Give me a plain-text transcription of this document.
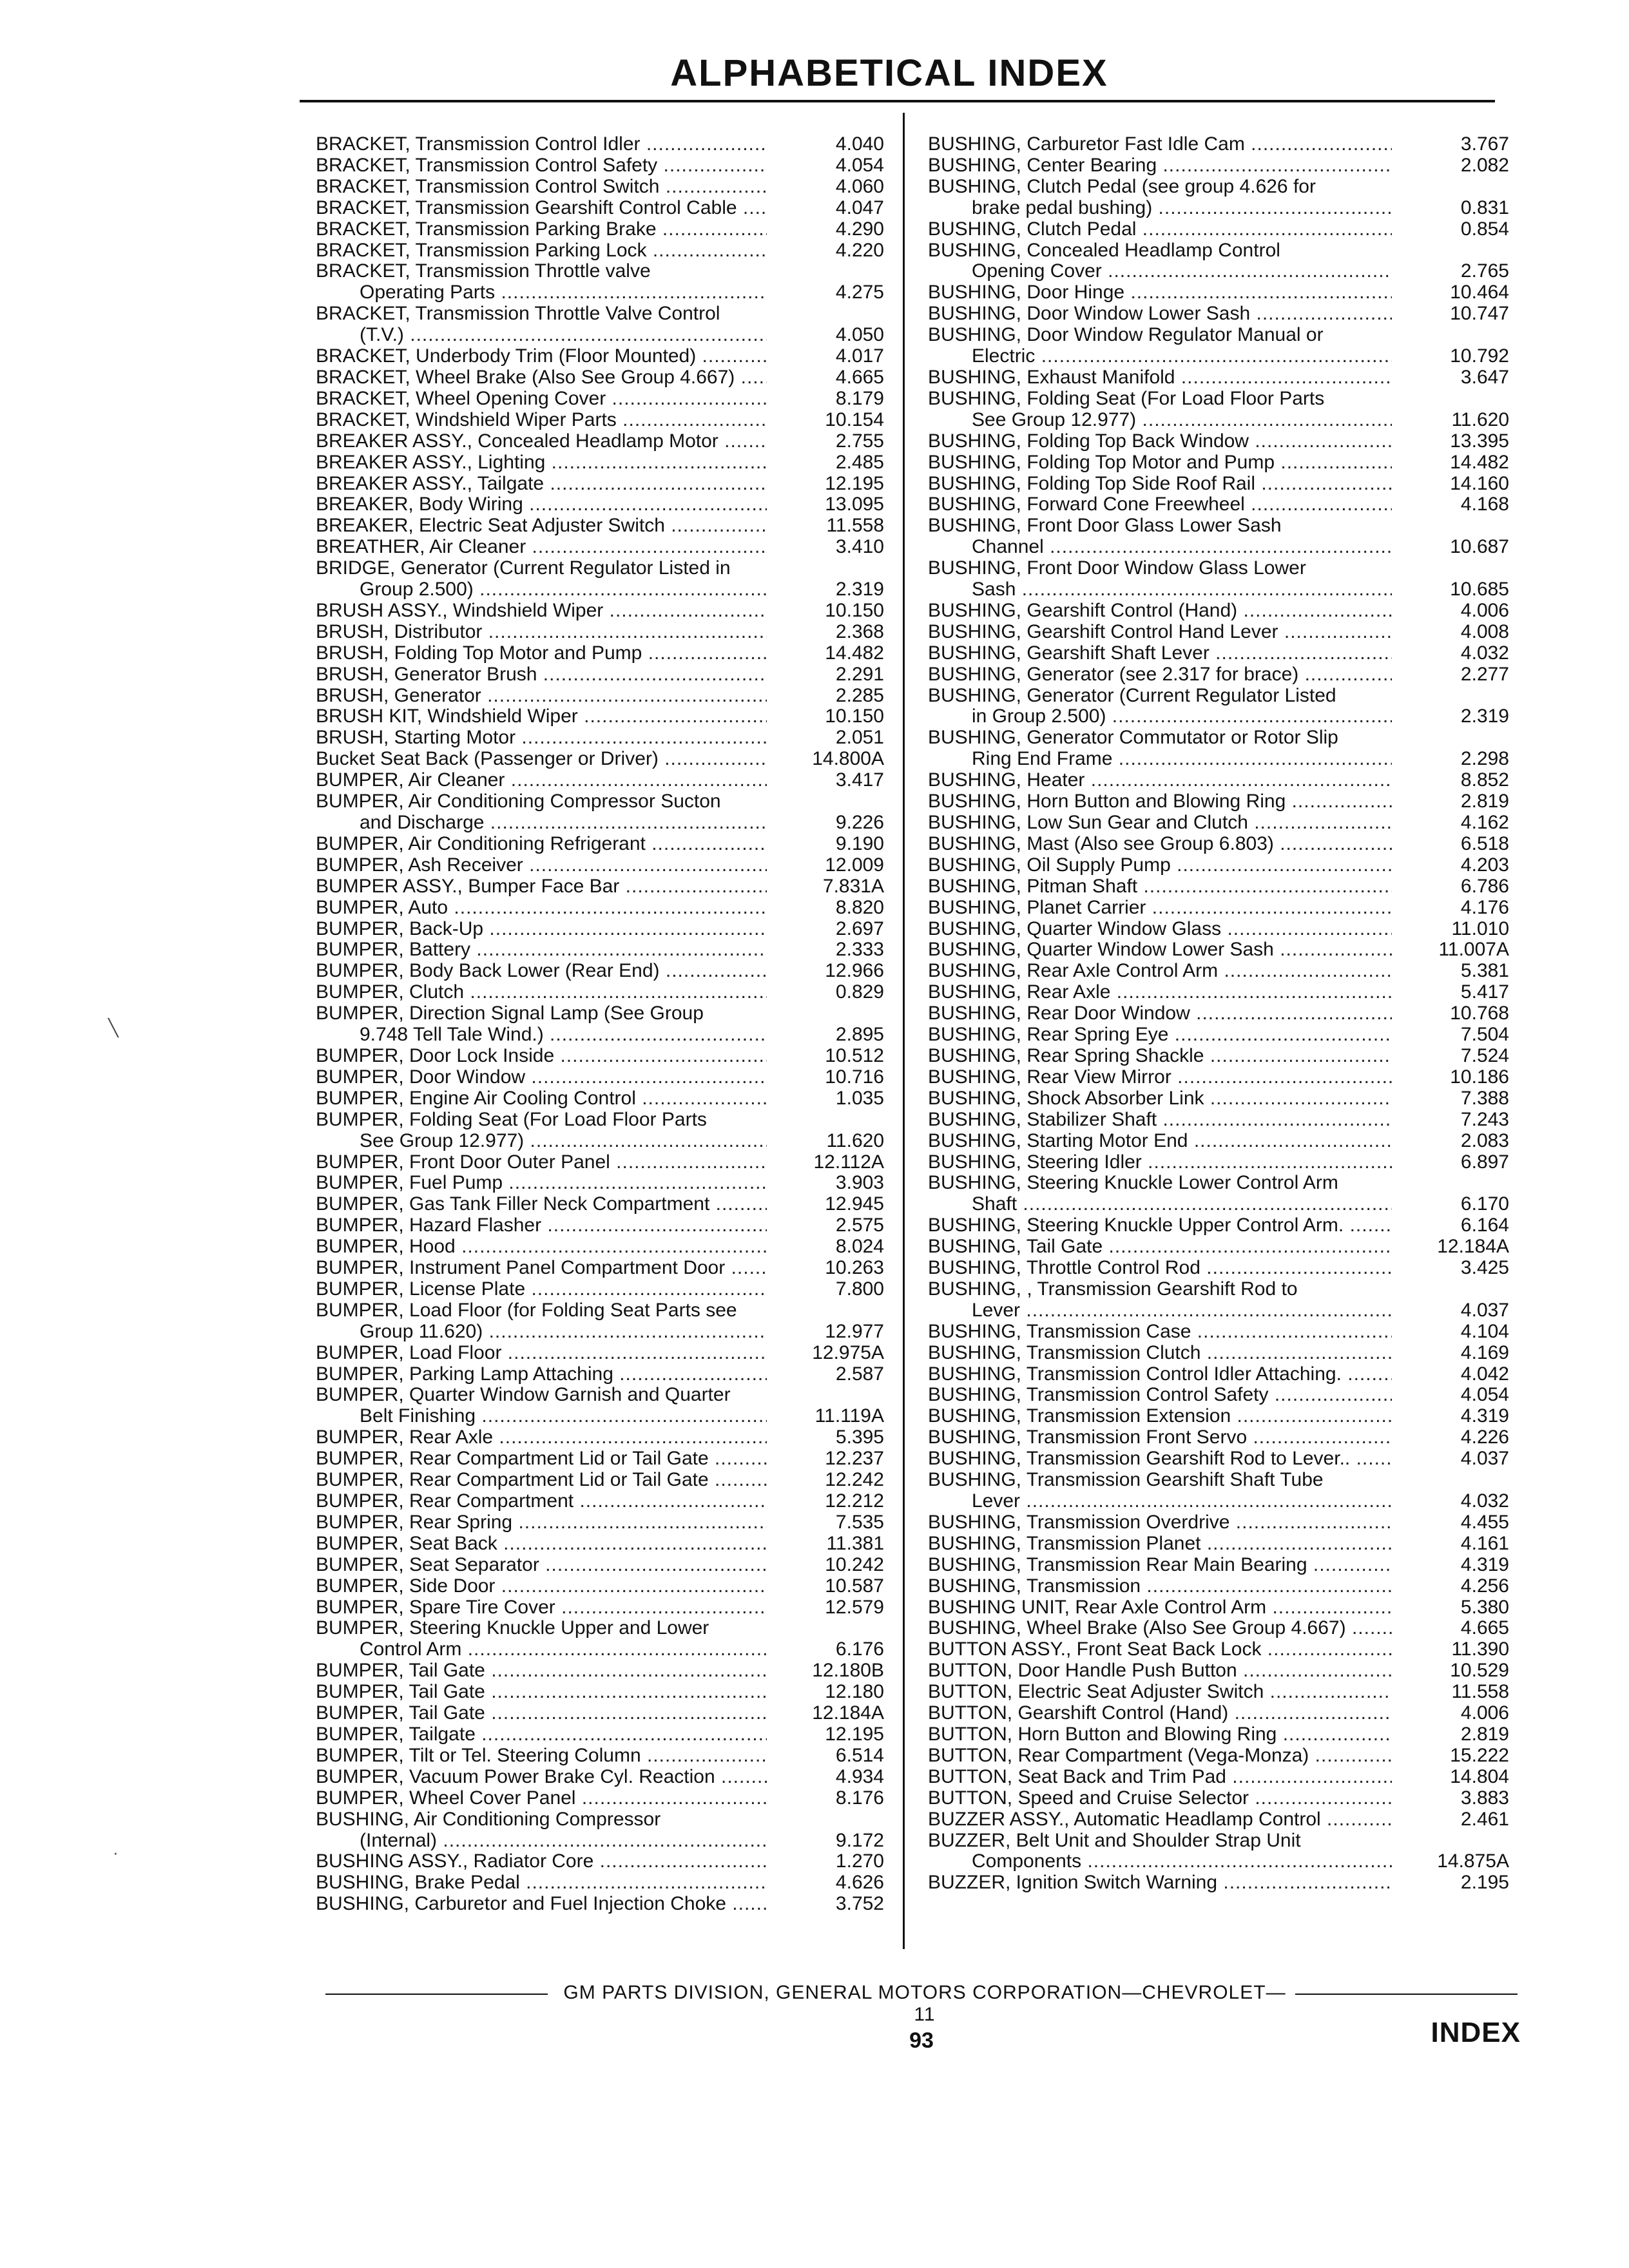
ALPHABETICAL INDEX
BRACKET, Transmission Control Idler .....	4.040
BRACKET, Transmission Control Safety .....	4.054
BRACKET, Transmission Control Switch .....	4.060
BRACKET, Transmission Gearshift Control Cable .....	4.047
BRACKET, Transmission Parking Brake .....	4.290
BRACKET, Transmission Parking Lock .....	4.220
BRACKET, Transmission Throttle valve
Operating Parts .....	4.275
BRACKET, Transmission Throttle Valve Control
(T.V.) .....	4.050
BRACKET, Underbody Trim (Floor Mounted) .....	4.017
BRACKET, Wheel Brake (Also See Group 4.667) .....	4.665
BRACKET, Wheel Opening Cover .....	8.179
BRACKET, Windshield Wiper Parts .....	10.154
BREAKER ASSY., Concealed Headlamp Motor .....	2.755
BREAKER ASSY., Lighting .....	2.485
BREAKER ASSY., Tailgate .....	12.195
BREAKER, Body Wiring .....	13.095
BREAKER, Electric Seat Adjuster Switch .....	11.558
BREATHER, Air Cleaner .....	3.410
BRIDGE, Generator (Current Regulator Listed in
Group 2.500) .....	2.319
BRUSH ASSY., Windshield Wiper .....	10.150
BRUSH, Distributor .....	2.368
BRUSH, Folding Top Motor and Pump .....	14.482
BRUSH, Generator Brush .....	2.291
BRUSH, Generator .....	2.285
BRUSH KIT, Windshield Wiper .....	10.150
BRUSH, Starting Motor .....	2.051
Bucket Seat Back (Passenger or Driver) .....	14.800A
BUMPER, Air Cleaner .....	3.417
BUMPER, Air Conditioning Compressor Sucton
and Discharge .....	9.226
BUMPER, Air Conditioning Refrigerant .....	9.190
BUMPER, Ash Receiver .....	12.009
BUMPER ASSY., Bumper Face Bar .....	7.831A
BUMPER, Auto .....	8.820
BUMPER, Back-Up .....	2.697
BUMPER, Battery .....	2.333
BUMPER, Body Back Lower (Rear End) .....	12.966
BUMPER, Clutch .....	0.829
BUMPER, Direction Signal Lamp (See Group
9.748 Tell Tale Wind.) .....	2.895
BUMPER, Door Lock Inside .....	10.512
BUMPER, Door Window .....	10.716
BUMPER, Engine Air Cooling Control .....	1.035
BUMPER, Folding Seat (For Load Floor Parts
See Group 12.977) .....	11.620
BUMPER, Front Door Outer Panel .....	12.112A
BUMPER, Fuel Pump .....	3.903
BUMPER, Gas Tank Filler Neck Compartment .....	12.945
BUMPER, Hazard Flasher .....	2.575
BUMPER, Hood .....	8.024
BUMPER, Instrument Panel Compartment Door .....	10.263
BUMPER, License Plate .....	7.800
BUMPER, Load Floor (for Folding Seat Parts see
Group 11.620) .....	12.977
BUMPER, Load Floor .....	12.975A
BUMPER, Parking Lamp Attaching .....	2.587
BUMPER, Quarter Window Garnish and Quarter
Belt Finishing .....	11.119A
BUMPER, Rear Axle .....	5.395
BUMPER, Rear Compartment Lid or Tail Gate .....	12.237
BUMPER, Rear Compartment Lid or Tail Gate .....	12.242
BUMPER, Rear Compartment .....	12.212
BUMPER, Rear Spring .....	7.535
BUMPER, Seat Back .....	11.381
BUMPER, Seat Separator .....	10.242
BUMPER, Side Door .....	10.587
BUMPER, Spare Tire Cover .....	12.579
BUMPER, Steering Knuckle Upper and Lower
Control Arm .....	6.176
BUMPER, Tail Gate .....	12.180B
BUMPER, Tail Gate .....	12.180
BUMPER, Tail Gate .....	12.184A
BUMPER, Tailgate .....	12.195
BUMPER, Tilt or Tel. Steering Column .....	6.514
BUMPER, Vacuum Power Brake Cyl. Reaction .....	4.934
BUMPER, Wheel Cover Panel .....	8.176
BUSHING, Air Conditioning Compressor
(Internal) .....	9.172
BUSHING ASSY., Radiator Core .....	1.270
BUSHING, Brake Pedal .....	4.626
BUSHING, Carburetor and Fuel Injection Choke .....	3.752
BUSHING, Carburetor Fast Idle Cam .....	3.767
BUSHING, Center Bearing .....	2.082
BUSHING, Clutch Pedal (see group 4.626 for
brake pedal bushing) .....	0.831
BUSHING, Clutch Pedal .....	0.854
BUSHING, Concealed Headlamp Control
Opening Cover .....	2.765
BUSHING, Door Hinge .....	10.464
BUSHING, Door Window Lower Sash .....	10.747
BUSHING, Door Window Regulator Manual or
Electric .....	10.792
BUSHING, Exhaust Manifold .....	3.647
BUSHING, Folding Seat (For Load Floor Parts
See Group 12.977) .....	11.620
BUSHING, Folding Top Back Window .....	13.395
BUSHING, Folding Top Motor and Pump .....	14.482
BUSHING, Folding Top Side Roof Rail .....	14.160
BUSHING, Forward Cone Freewheel .....	4.168
BUSHING, Front Door Glass Lower Sash
Channel .....	10.687
BUSHING, Front Door Window Glass Lower
Sash .....	10.685
BUSHING, Gearshift Control (Hand) .....	4.006
BUSHING, Gearshift Control Hand Lever .....	4.008
BUSHING, Gearshift Shaft Lever .....	4.032
BUSHING, Generator (see 2.317 for brace) .....	2.277
BUSHING, Generator (Current Regulator Listed
in Group 2.500) .....	2.319
BUSHING, Generator Commutator or Rotor Slip
Ring End Frame .....	2.298
BUSHING, Heater .....	8.852
BUSHING, Horn Button and Blowing Ring .....	2.819
BUSHING, Low Sun Gear and Clutch .....	4.162
BUSHING, Mast (Also see Group 6.803) .....	6.518
BUSHING, Oil Supply Pump .....	4.203
BUSHING, Pitman Shaft .....	6.786
BUSHING, Planet Carrier .....	4.176
BUSHING, Quarter Window Glass .....	11.010
BUSHING, Quarter Window Lower Sash .....	11.007A
BUSHING, Rear Axle Control Arm .....	5.381
BUSHING, Rear Axle .....	5.417
BUSHING, Rear Door Window .....	10.768
BUSHING, Rear Spring Eye .....	7.504
BUSHING, Rear Spring Shackle .....	7.524
BUSHING, Rear View Mirror .....	10.186
BUSHING, Shock Absorber Link .....	7.388
BUSHING, Stabilizer Shaft .....	7.243
BUSHING, Starting Motor End .....	2.083
BUSHING, Steering Idler .....	6.897
BUSHING, Steering Knuckle Lower Control Arm
Shaft .....	6.170
BUSHING, Steering Knuckle Upper Control Arm. .....	6.164
BUSHING, Tail Gate .....	12.184A
BUSHING, Throttle Control Rod .....	3.425
BUSHING, , Transmission Gearshift Rod to
Lever .....	4.037
BUSHING, Transmission Case .....	4.104
BUSHING, Transmission Clutch .....	4.169
BUSHING, Transmission Control Idler Attaching. .....	4.042
BUSHING, Transmission Control Safety .....	4.054
BUSHING, Transmission Extension .....	4.319
BUSHING, Transmission Front Servo .....	4.226
BUSHING, Transmission Gearshift Rod to Lever.. .....	4.037
BUSHING, Transmission Gearshift Shaft Tube
Lever .....	4.032
BUSHING, Transmission Overdrive .....	4.455
BUSHING, Transmission Planet .....	4.161
BUSHING, Transmission Rear Main Bearing .....	4.319
BUSHING, Transmission .....	4.256
BUSHING UNIT, Rear Axle Control Arm .....	5.380
BUSHING, Wheel Brake (Also See Group 4.667) .....	4.665
BUTTON ASSY., Front Seat Back Lock .....	11.390
BUTTON, Door Handle Push Button .....	10.529
BUTTON, Electric Seat Adjuster Switch .....	11.558
BUTTON, Gearshift Control (Hand) .....	4.006
BUTTON, Horn Button and Blowing Ring .....	2.819
BUTTON, Rear Compartment (Vega-Monza) .....	15.222
BUTTON, Seat Back and Trim Pad .....	14.804
BUTTON, Speed and Cruise Selector .....	3.883
BUZZER ASSY., Automatic Headlamp Control .....	2.461
BUZZER, Belt Unit and Shoulder Strap Unit
Components .....	14.875A
BUZZER, Ignition Switch Warning .....	2.195
╲
·
GM PARTS DIVISION, GENERAL MOTORS CORPORATION—CHEVROLET—11
93	INDEX
